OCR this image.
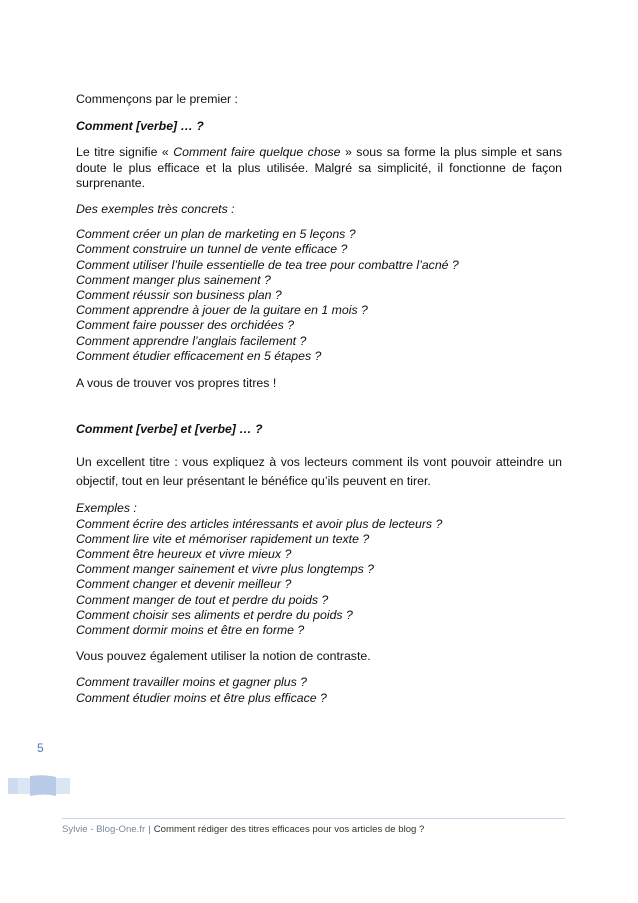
Commençons par le premier :

Comment [verbe] … ?

Le titre signifie « Comment faire quelque chose » sous sa forme la plus simple et sans doute le plus efficace et la plus utilisée. Malgré sa simplicité, il fonctionne de façon surprenante.

Des exemples très concrets :

Comment créer un plan de marketing en 5 leçons ?
Comment construire un tunnel de vente efficace ?
Comment utiliser l’huile essentielle de tea tree pour combattre l’acné ?
Comment manger plus sainement ?
Comment réussir son business plan ?
Comment apprendre à jouer de la guitare en 1 mois ?
Comment faire pousser des orchidées ?
Comment apprendre l’anglais facilement ?
Comment étudier efficacement en 5 étapes ?

A vous de trouver vos propres titres !

Comment [verbe] et [verbe] … ?

Un excellent titre : vous expliquez à vos lecteurs comment ils vont pouvoir atteindre un objectif, tout en leur présentant le bénéfice qu’ils peuvent en tirer.

Exemples :

Comment écrire des articles intéressants et avoir plus de lecteurs ?
Comment lire vite et mémoriser rapidement un texte ?
Comment être heureux et vivre mieux ?
Comment manger sainement et vivre plus longtemps ?
Comment changer et devenir meilleur ?
Comment manger de tout et perdre du poids ?
Comment choisir ses aliments et perdre du poids ?
Comment dormir moins et être en forme ?

Vous pouvez également utiliser la notion de contraste.

Comment travailler moins et gagner plus ?
Comment étudier moins et être plus efficace ?
5
Sylvie - Blog-One.fr | Comment rédiger des titres efficaces pour vos articles de blog ?
